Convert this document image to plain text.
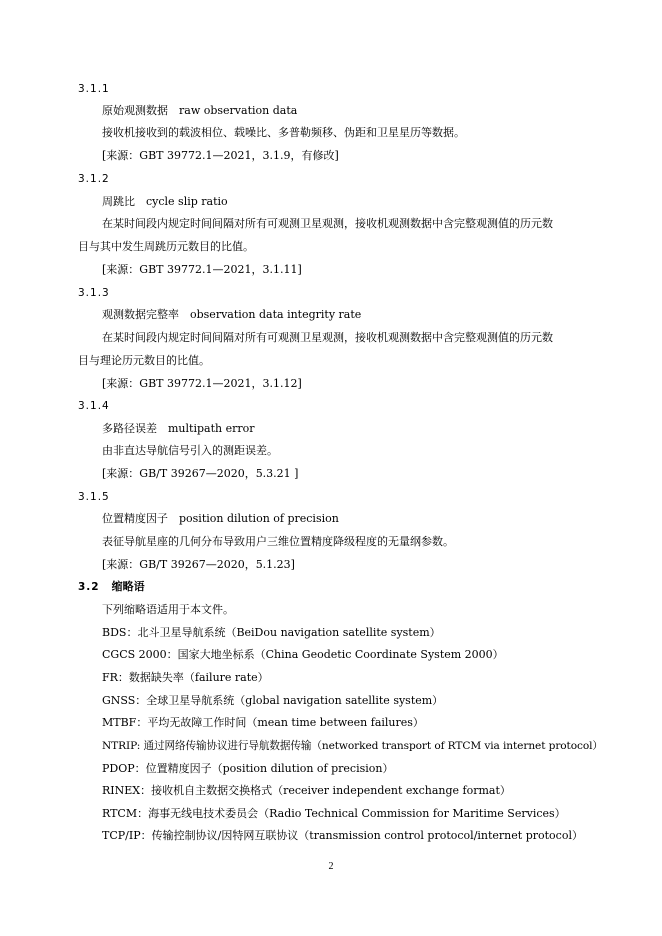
3.1.1
原始观测数据　raw observation data
接收机接收到的载波相位、载噪比、多普勒频移、伪距和卫星星历等数据。
[来源：GBT 39772.1—2021，3.1.9，有修改]
3.1.2
周跳比　cycle slip ratio
在某时间段内规定时间间隔对所有可观测卫星观测，接收机观测数据中含完整观测值的历元数
目与其中发生周跳历元数目的比值。
[来源：GBT 39772.1—2021，3.1.11]
3.1.3
观测数据完整率　observation data integrity rate
在某时间段内规定时间间隔对所有可观测卫星观测，接收机观测数据中含完整观测值的历元数
目与理论历元数目的比值。
[来源：GBT 39772.1—2021，3.1.12]
3.1.4
多路径误差　multipath error
由非直达导航信号引入的测距误差。
[来源：GB/T 39267—2020，5.3.21 ]
3.1.5
位置精度因子　position dilution of precision
表征导航星座的几何分布导致用户三维位置精度降级程度的无量纲参数。
[来源：GB/T 39267—2020，5.1.23]
3.2 缩略语
下列缩略语适用于本文件。
BDS：北斗卫星导航系统（BeiDou navigation satellite system）
CGCS 2000：国家大地坐标系（China Geodetic Coordinate System 2000）
FR：数据缺失率（failure rate）
GNSS：全球卫星导航系统（global navigation satellite system）
MTBF：平均无故障工作时间（mean time between failures）
NTRIP: 通过网络传输协议进行导航数据传输（networked transport of RTCM via internet protocol）
PDOP：位置精度因子（position dilution of precision）
RINEX：接收机自主数据交换格式（receiver independent exchange format）
RTCM：海事无线电技术委员会（Radio Technical Commission for Maritime Services）
TCP/IP：传输控制协议/因特网互联协议（transmission control protocol/internet protocol）
2
